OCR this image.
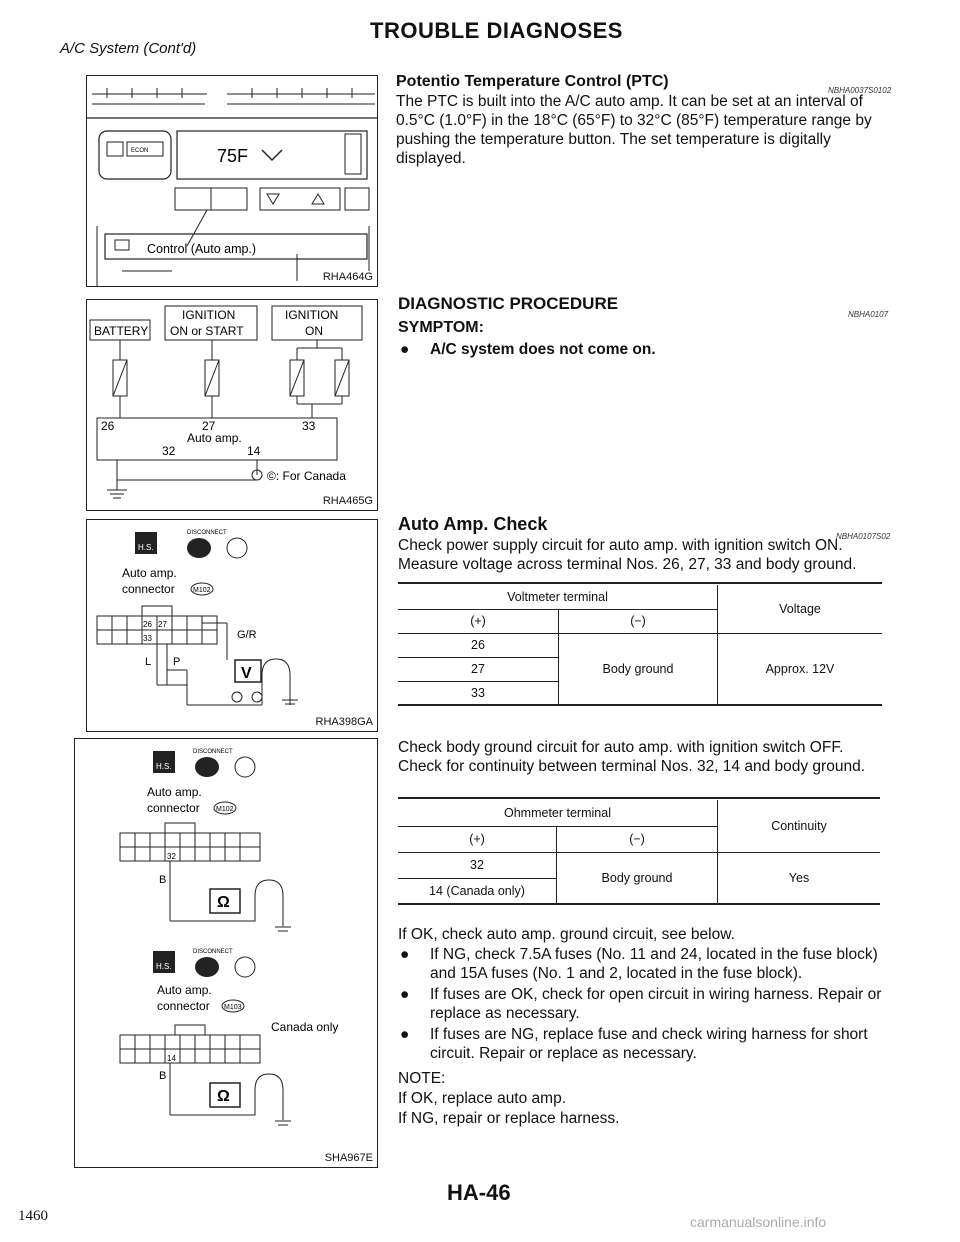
A/C System (Cont'd)
TROUBLE DIAGNOSES
ECON	75F
Control (Auto amp.)
RHA464G
BATTERY
IGNITION
ON or START
IGNITION
ON
26	27	33
Auto amp.
32	14
©: For Canada
RHA465G
H.S.
DISCONNECT
Auto amp.
connector	M102
G/R
L P
V
26 27
33
RHA398GA
H.S.
DISCONNECT
Auto amp.
connector M102
B
Ω
32
H.S.
DISCONNECT
Auto amp.
connector M103
Canada only
B
Ω
14
SHA967E
Potentio Temperature Control (PTC)
NBHA0037S0102
The PTC is built into the A/C auto amp. It can be set at an interval of 0.5°C (1.0°F) in the 18°C (65°F) to 32°C (85°F) temperature range by pushing the temperature button. The set temperature is digitally displayed.
DIAGNOSTIC PROCEDURE
NBHA0107
SYMPTOM:
● A/C system does not come on.
Auto Amp. Check
NBHA0107S02
Check power supply circuit for auto amp. with ignition switch ON. Measure voltage across terminal Nos. 26, 27, 33 and body ground.

Voltmeter terminal		Voltage
(+)	(−)	
26	Body ground	Approx. 12V
27		
33		

Check body ground circuit for auto amp. with ignition switch OFF. Check for continuity between terminal Nos. 32, 14 and body ground.

Ohmmeter terminal		Continuity
(+)	(−)	
32	Body ground	Yes
14 (Canada only)		

If OK, check auto amp. ground circuit, see below.
● If NG, check 7.5A fuses (No. 11 and 24, located in the fuse block) and 15A fuses (No. 1 and 2, located in the fuse block).
● If fuses are OK, check for open circuit in wiring harness. Repair or replace as necessary.
● If fuses are NG, replace fuse and check wiring harness for short circuit. Repair or replace as necessary.
NOTE:
If OK, replace auto amp.
If NG, repair or replace harness.
HA-46
1460	carmanualsonline.info
